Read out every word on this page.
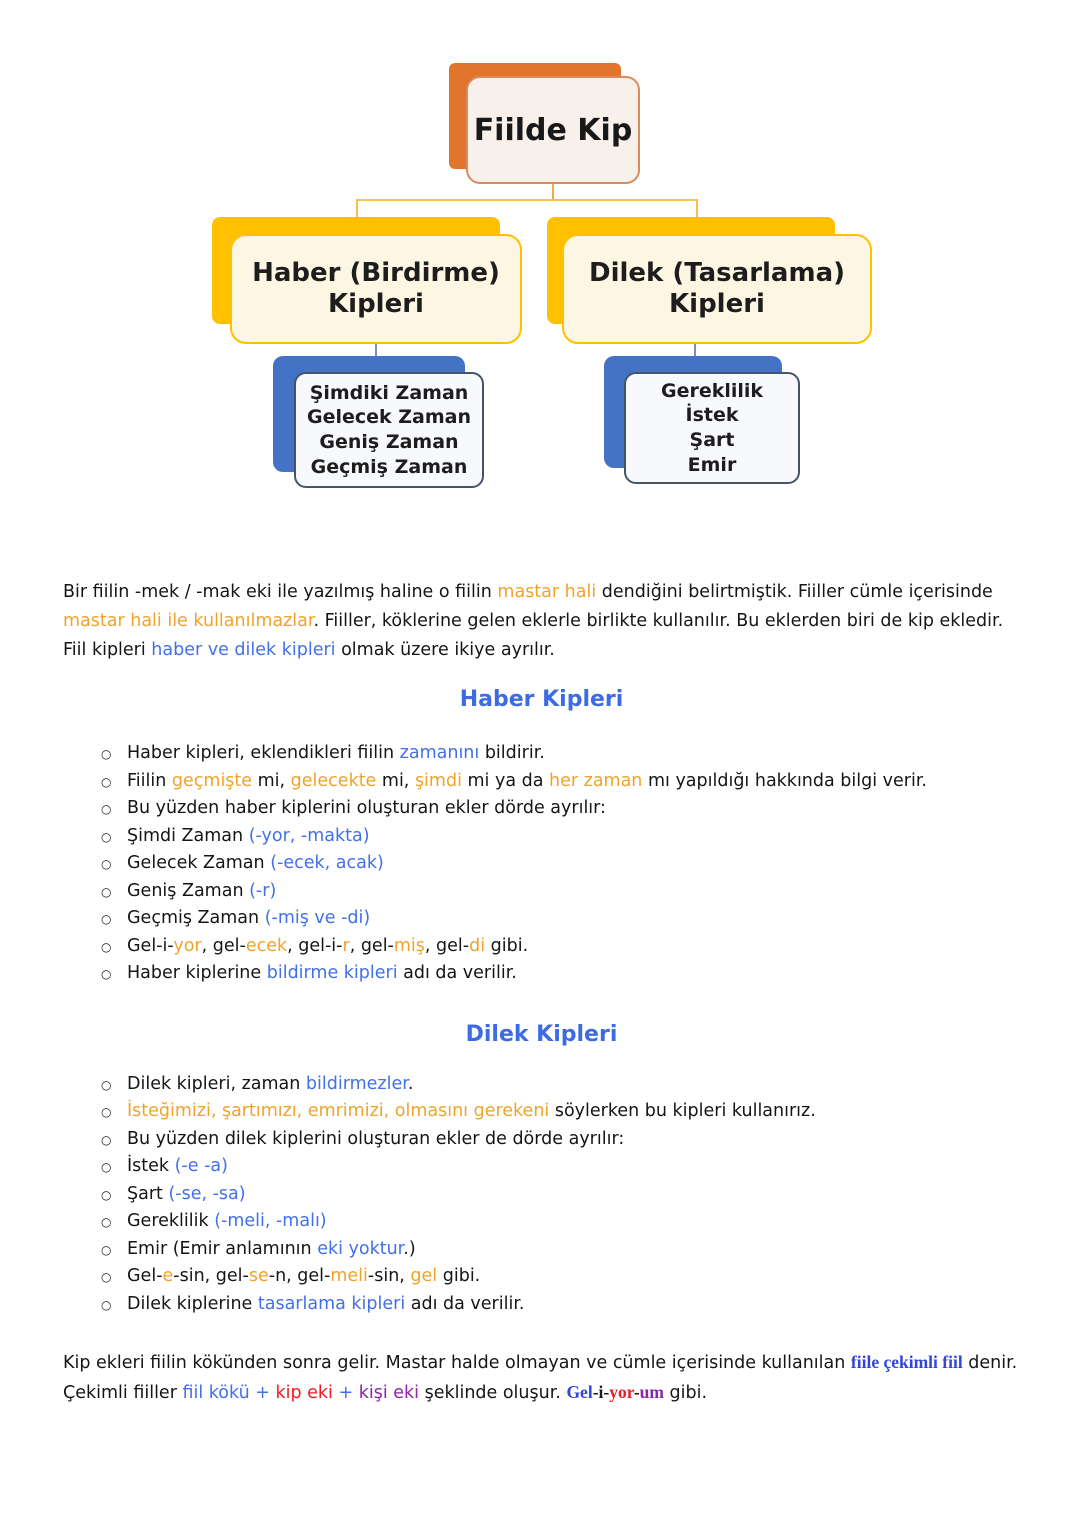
Fiilde Kip
Haber (Birdirme)
Kipleri
Dilek (Tasarlama)
Kipleri
Şimdiki Zaman
Gelecek Zaman
Geniş Zaman
Geçmiş Zaman
Gereklilik
İstek
Şart
Emir

Bir fiilin -mek / -mak eki ile yazılmış haline o fiilin mastar hali dendiğini belirtmiştik. Fiiller cümle içerisinde mastar hali ile kullanılmazlar. Fiiller, köklerine gelen eklerle birlikte kullanılır. Bu eklerden biri de kip ekledir. Fiil kipleri haber ve dilek kipleri olmak üzere ikiye ayrılır.

Haber Kipleri
○ Haber kipleri, eklendikleri fiilin zamanını bildirir.
○ Fiilin geçmişte mi, gelecekte mi, şimdi mi ya da her zaman mı yapıldığı hakkında bilgi verir.
○ Bu yüzden haber kiplerini oluşturan ekler dörde ayrılır:
○ Şimdi Zaman (-yor, -makta)
○ Gelecek Zaman (-ecek, acak)
○ Geniş Zaman (-r)
○ Geçmiş Zaman (-miş ve -di)
○ Gel-i-yor, gel-ecek, gel-i-r, gel-miş, gel-di gibi.
○ Haber kiplerine bildirme kipleri adı da verilir.
Dilek Kipleri
○ Dilek kipleri, zaman bildirmezler.
○ İsteğimizi, şartımızı, emrimizi, olmasını gerekeni söylerken bu kipleri kullanırız.
○ Bu yüzden dilek kiplerini oluşturan ekler de dörde ayrılır:
○ İstek (-e -a)
○ Şart (-se, -sa)
○ Gereklilik (-meli, -malı)
○ Emir (Emir anlamının eki yoktur.)
○ Gel-e-sin, gel-se-n, gel-meli-sin, gel gibi.
○ Dilek kiplerine tasarlama kipleri adı da verilir.

Kip ekleri fiilin kökünden sonra gelir. Mastar halde olmayan ve cümle içerisinde kullanılan fiile çekimli fiil denir. Çekimli fiiller fiil kökü + kip eki + kişi eki şeklinde oluşur. Gel-i-yor-um gibi.
